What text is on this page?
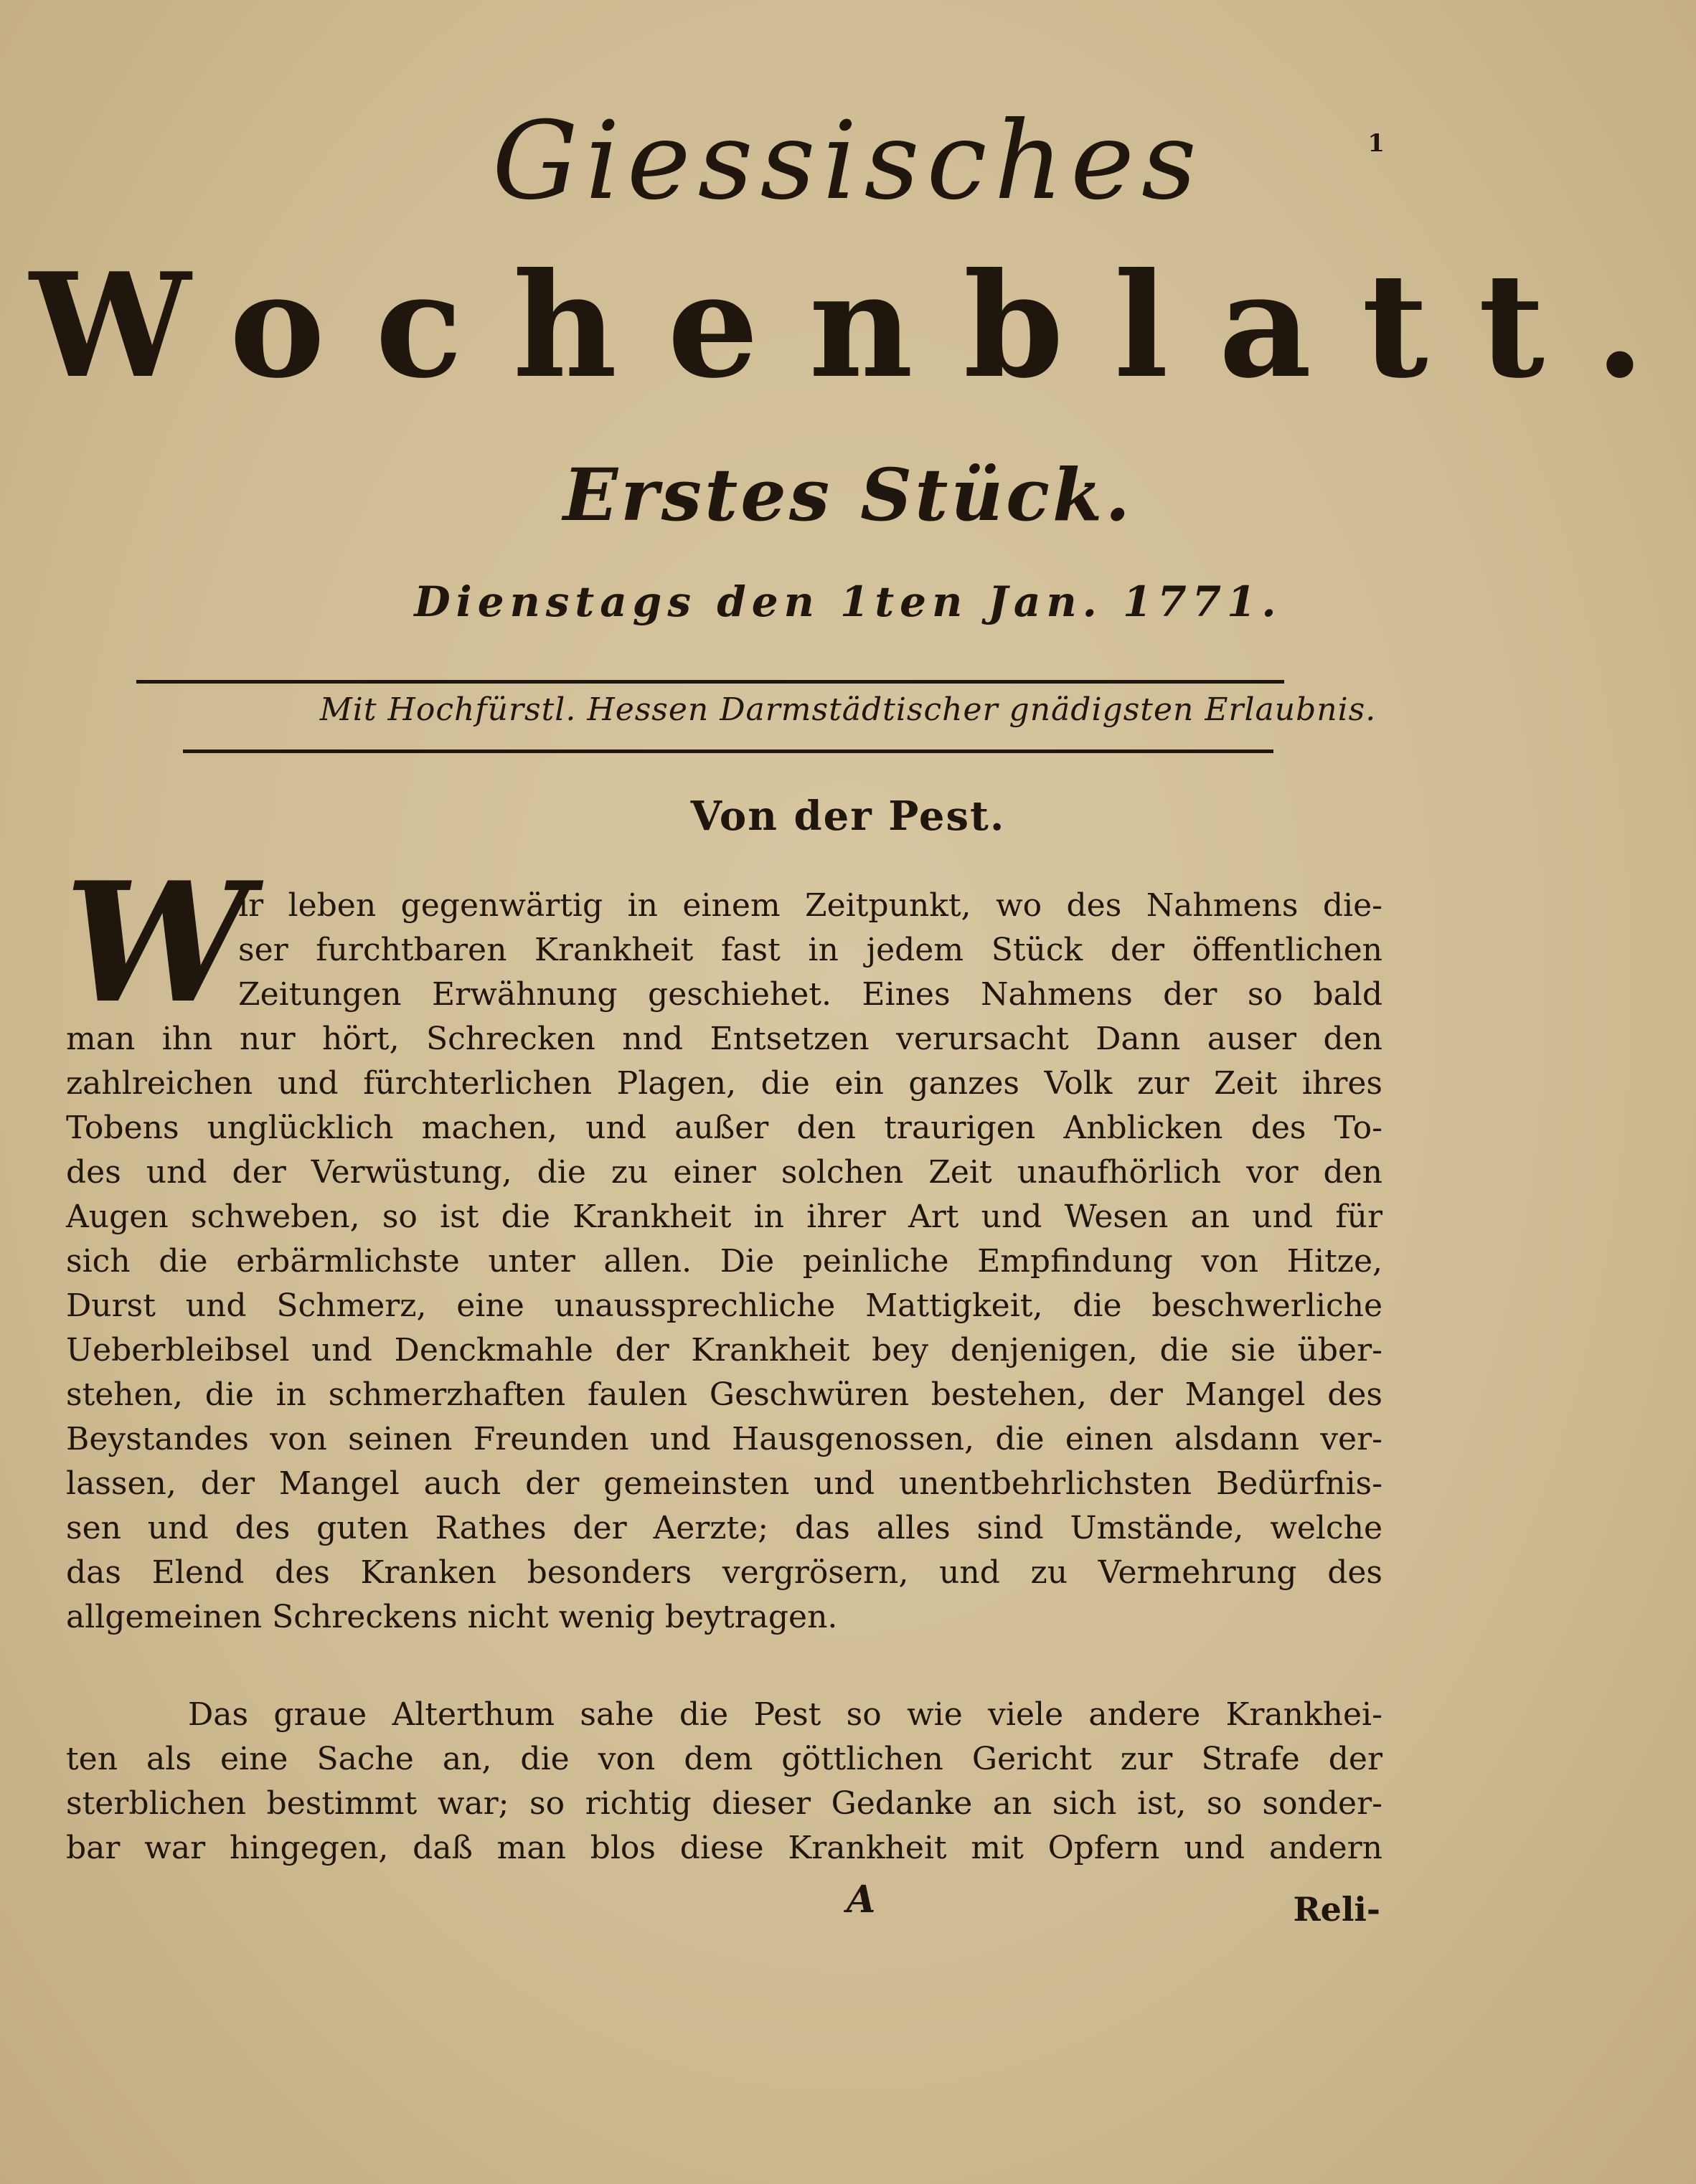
1
Giessisches
Wochenblatt.
Erstes Stück.
Dienstags den 1ten Jan. 1771.
Mit Hochfürstl. Hessen Darmstädtischer gnädigsten Erlaubnis.
Von der Pest.
W
ir leben gegenwärtig in einem Zeitpunkt, wo des Nahmens die-
ser furchtbaren Krankheit fast in jedem Stück der öffentlichen
Zeitungen Erwähnung geschiehet. Eines Nahmens der so bald
man ihn nur hört, Schrecken nnd Entsetzen verursacht Dann auser den
zahlreichen und fürchterlichen Plagen, die ein ganzes Volk zur Zeit ihres
Tobens unglücklich machen, und außer den traurigen Anblicken des To-
des und der Verwüstung, die zu einer solchen Zeit unaufhörlich vor den
Augen schweben, so ist die Krankheit in ihrer Art und Wesen an und für
sich die erbärmlichste unter allen. Die peinliche Empfindung von Hitze,
Durst und Schmerz, eine unaussprechliche Mattigkeit, die beschwerliche
Ueberbleibsel und Denckmahle der Krankheit bey denjenigen, die sie über-
stehen, die in schmerzhaften faulen Geschwüren bestehen, der Mangel des
Beystandes von seinen Freunden und Hausgenossen, die einen alsdann ver-
lassen, der Mangel auch der gemeinsten und unentbehrlichsten Bedürfnis-
sen und des guten Rathes der Aerzte; das alles sind Umstände, welche
das Elend des Kranken besonders vergrösern, und zu Vermehrung des
allgemeinen Schreckens nicht wenig beytragen.
Das graue Alterthum sahe die Pest so wie viele andere Krankhei-
ten als eine Sache an, die von dem göttlichen Gericht zur Strafe der
sterblichen bestimmt war; so richtig dieser Gedanke an sich ist, so sonder-
bar war hingegen, daß man blos diese Krankheit mit Opfern und andern
A	Reli-
